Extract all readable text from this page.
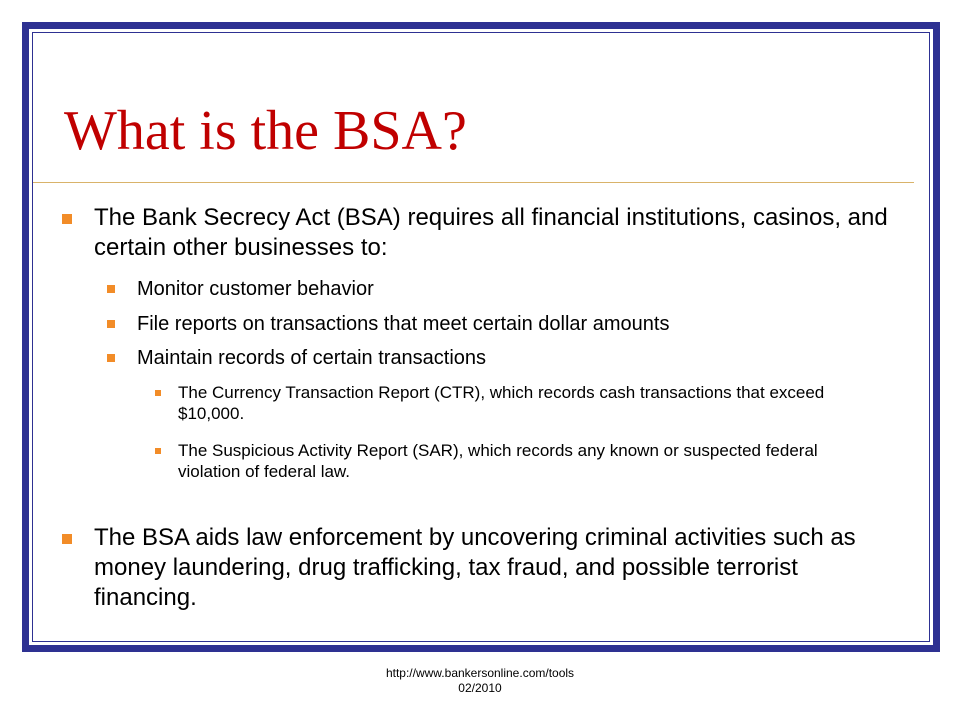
What is the BSA?
The Bank Secrecy Act (BSA) requires all financial institutions, casinos, and certain other businesses to:
Monitor customer behavior
File reports on transactions that meet certain dollar amounts
Maintain records of certain transactions
The Currency Transaction Report (CTR), which records cash transactions that exceed $10,000.
The Suspicious Activity Report (SAR), which records any known or suspected federal violation of federal law.
The BSA aids law enforcement by uncovering criminal activities such as money laundering, drug trafficking, tax fraud, and possible terrorist financing.
http://www.bankersonline.com/tools
02/2010
